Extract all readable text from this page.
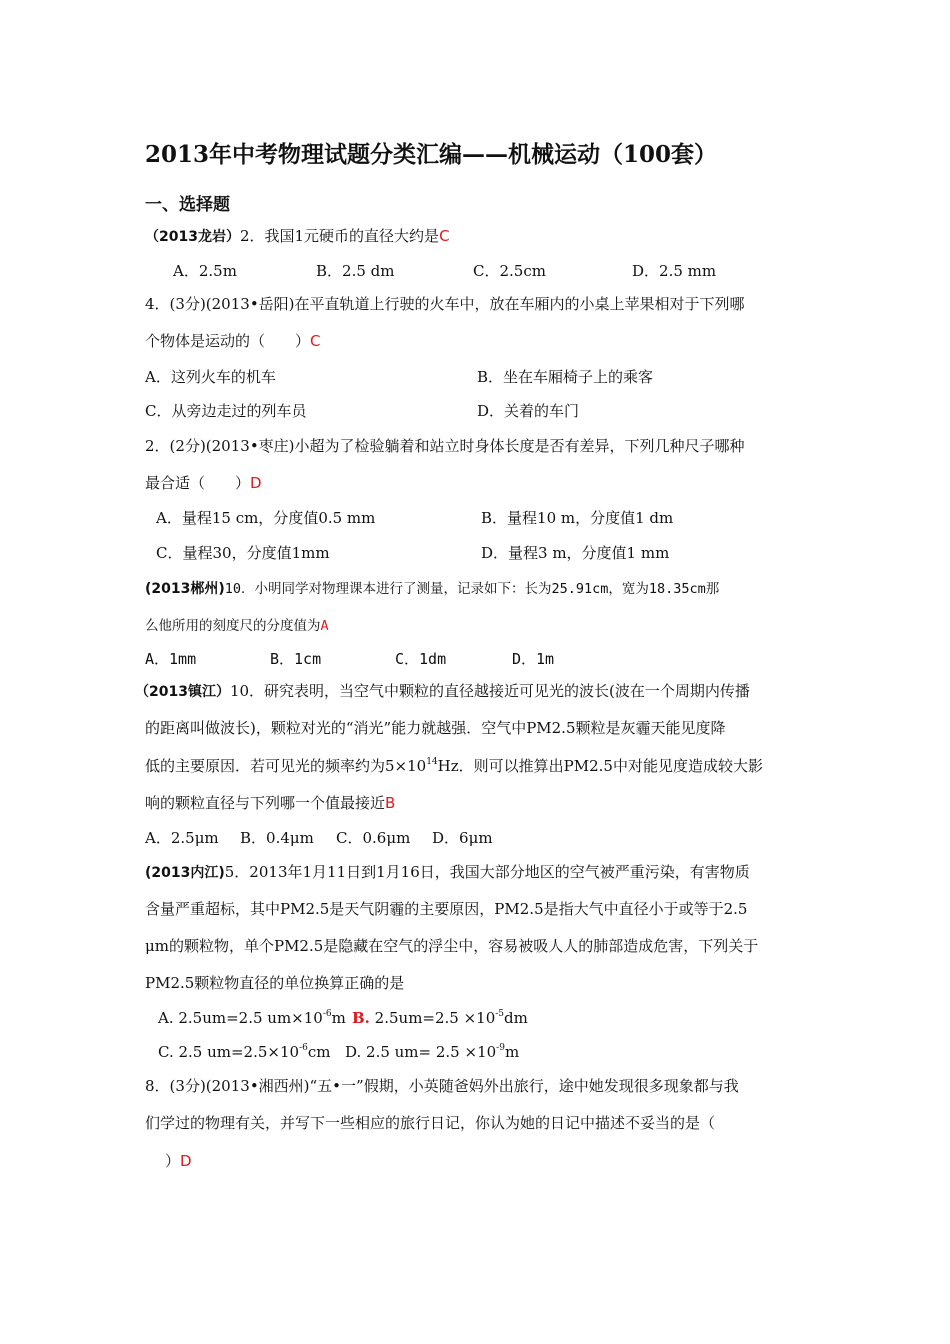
2013年中考物理试题分类汇编——机械运动（100套）
一、选择题
（2013龙岩）2．我国1元硬币的直径大约是C
A．2.5m	B．2.5 dm	C．2.5cm	D．2.5 mm
4．(3分)(2013•岳阳)在平直轨道上行驶的火车中，放在车厢内的小桌上苹果相对于下列哪
个物体是运动的（　　）C
A．这列火车的机车	B．坐在车厢椅子上的乘客
C．从旁边走过的列车员	D．关着的车门
2．(2分)(2013•枣庄)小超为了检验躺着和站立时身体长度是否有差异，下列几种尺子哪种
最合适（　　）D
A．量程15 cm，分度值0.5 mm	B．量程10 m，分度值1 dm
C．量程30，分度值1mm	D．量程3 m，分度值1 mm
(2013郴州)10．小明同学对物理课本进行了测量，记录如下：长为25.91cm，宽为18.35cm那
么他所用的刻度尺的分度值为A
A．1mm	B．1cm	C．1dm	D．1m
（2013镇江）10．研究表明，当空气中颗粒的直径越接近可见光的波长(波在一个周期内传播
的距离叫做波长)，颗粒对光的“消光”能力就越强．空气中PM2.5颗粒是灰霾天能见度降
低的主要原因．若可见光的频率约为$5\times 10^{14}Hz$．则可以推算出PM2.5中对能见度造成较大影
响的颗粒直径与下列哪一个值最接近B
A．2.5μm B．0.4μm C．0.6μm D．6μm
(2013内江)5．2013年1月11日到1月16日，我国大部分地区的空气被严重污染，有害物质
含量严重超标，其中PM2.5是天气阴霾的主要原因，PM2.5是指大气中直径小于或等于2.5
μm的颗粒物，单个PM2.5是隐藏在空气的浮尘中，容易被吸人人的肺部造成危害，下列关于
PM2.5颗粒物直径的单位换算正确的是
A. 2.5um=2.5 $um\times 10^{-6}m$ B. $2.5um=2.5 \times 10^{-5}dm$
C. 2.5 $um=2.5\times 10^{-6}cm$ D. 2.5 $um= 2.5 \times 10^{-9}m$
8．(3分)(2013•湘西州)“五•一”假期，小英随爸妈外出旅行，途中她发现很多现象都与我
们学过的物理有关，并写下一些相应的旅行日记，你认为她的日记中描述不妥当的是（
　）D
